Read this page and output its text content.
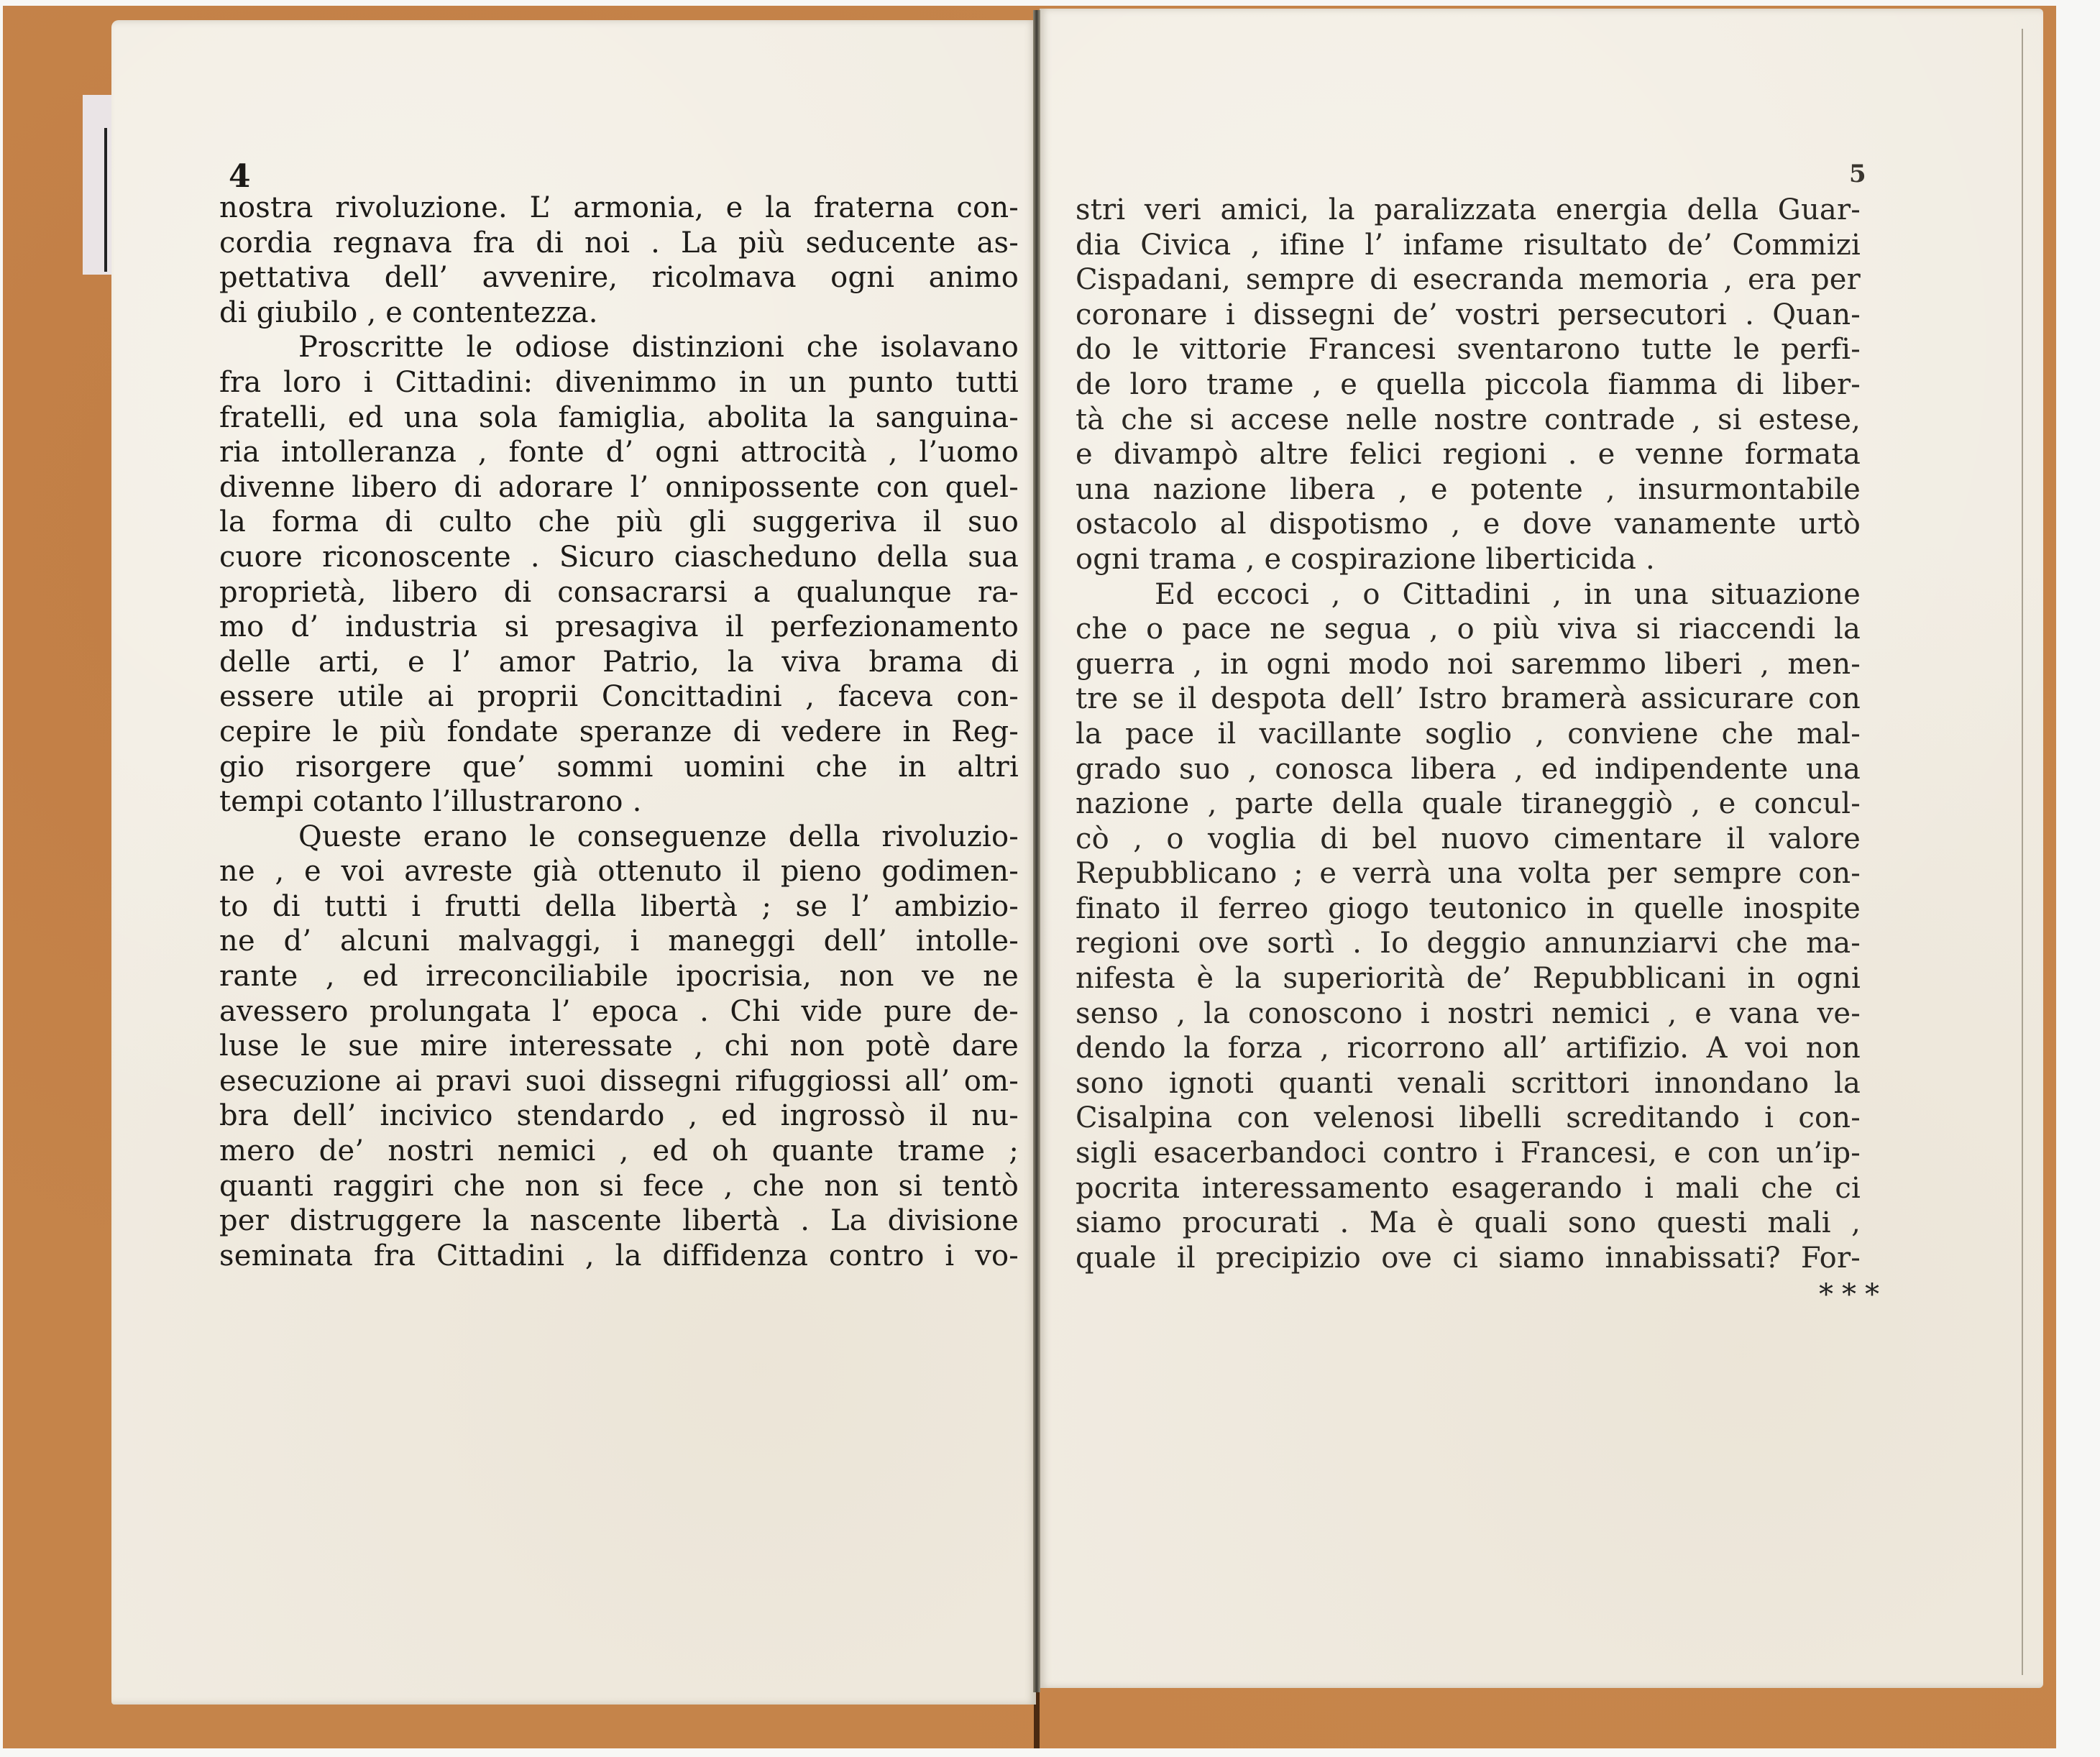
4	5
nostra rivoluzione. L’ armonia, e la fraterna con-
cordia regnava fra di noi . La più seducente as-
pettativa dell’ avvenire, ricolmava ogni animo
di giubilo , e contentezza.
Proscritte le odiose distinzioni che isolavano
fra loro i Cittadini: divenimmo in un punto tutti
fratelli, ed una sola famiglia, abolita la sanguina-
ria intolleranza , fonte d’ ogni attrocità , l’uomo
divenne libero di adorare l’ onnipossente con quel-
la forma di culto che più gli suggeriva il suo
cuore riconoscente . Sicuro ciascheduno della sua
proprietà, libero di consacrarsi a qualunque ra-
mo d’ industria si presagiva il perfezionamento
delle arti, e l’ amor Patrio, la viva brama di
essere utile ai proprii Concittadini , faceva con-
cepire le più fondate speranze di vedere in Reg-
gio risorgere que’ sommi uomini che in altri
tempi cotanto l’illustrarono .
Queste erano le conseguenze della rivoluzio-
ne , e voi avreste già ottenuto il pieno godimen-
to di tutti i frutti della libertà ; se l’ ambizio-
ne d’ alcuni malvaggi, i maneggi dell’ intolle-
rante , ed irreconciliabile ipocrisia, non ve ne
avessero prolungata l’ epoca . Chi vide pure de-
luse le sue mire interessate , chi non potè dare
esecuzione ai pravi suoi dissegni rifuggiossi all’ om-
bra dell’ incivico stendardo , ed ingrossò il nu-
mero de’ nostri nemici , ed oh quante trame ;
quanti raggiri che non si fece , che non si tentò
per distruggere la nascente libertà . La divisione
seminata fra Cittadini , la diffidenza contro i vo-
stri veri amici, la paralizzata energia della Guar-
dia Civica , ifine l’ infame risultato de’ Commizi
Cispadani, sempre di esecranda memoria , era per
coronare i dissegni de’ vostri persecutori . Quan-
do le vittorie Francesi sventarono tutte le perfi-
de loro trame , e quella piccola fiamma di liber-
tà che si accese nelle nostre contrade , si estese,
e divampò altre felici regioni . e venne formata
una nazione libera , e potente , insurmontabile
ostacolo al dispotismo , e dove vanamente urtò
ogni trama , e cospirazione liberticida .
Ed eccoci , o Cittadini , in una situazione
che o pace ne segua , o più viva si riaccendi la
guerra , in ogni modo noi saremmo liberi , men-
tre se il despota dell’ Istro bramerà assicurare con
la pace il vacillante soglio , conviene che mal-
grado suo , conosca libera , ed indipendente una
nazione , parte della quale tiraneggiò , e concul-
cò , o voglia di bel nuovo cimentare il valore
Repubblicano ; e verrà una volta per sempre con-
finato il ferreo giogo teutonico in quelle inospite
regioni ove sortì . Io deggio annunziarvi che ma-
nifesta è la superiorità de’ Repubblicani in ogni
senso , la conoscono i nostri nemici , e vana ve-
dendo la forza , ricorrono all’ artifizio. A voi non
sono ignoti quanti venali scrittori innondano la
Cisalpina con velenosi libelli screditando i con-
sigli esacerbandoci contro i Francesi, e con un’ip-
pocrita interessamento esagerando i mali che ci
siamo procurati . Ma è quali sono questi mali ,
quale il precipizio ove ci siamo innabissati? For-
* * *
